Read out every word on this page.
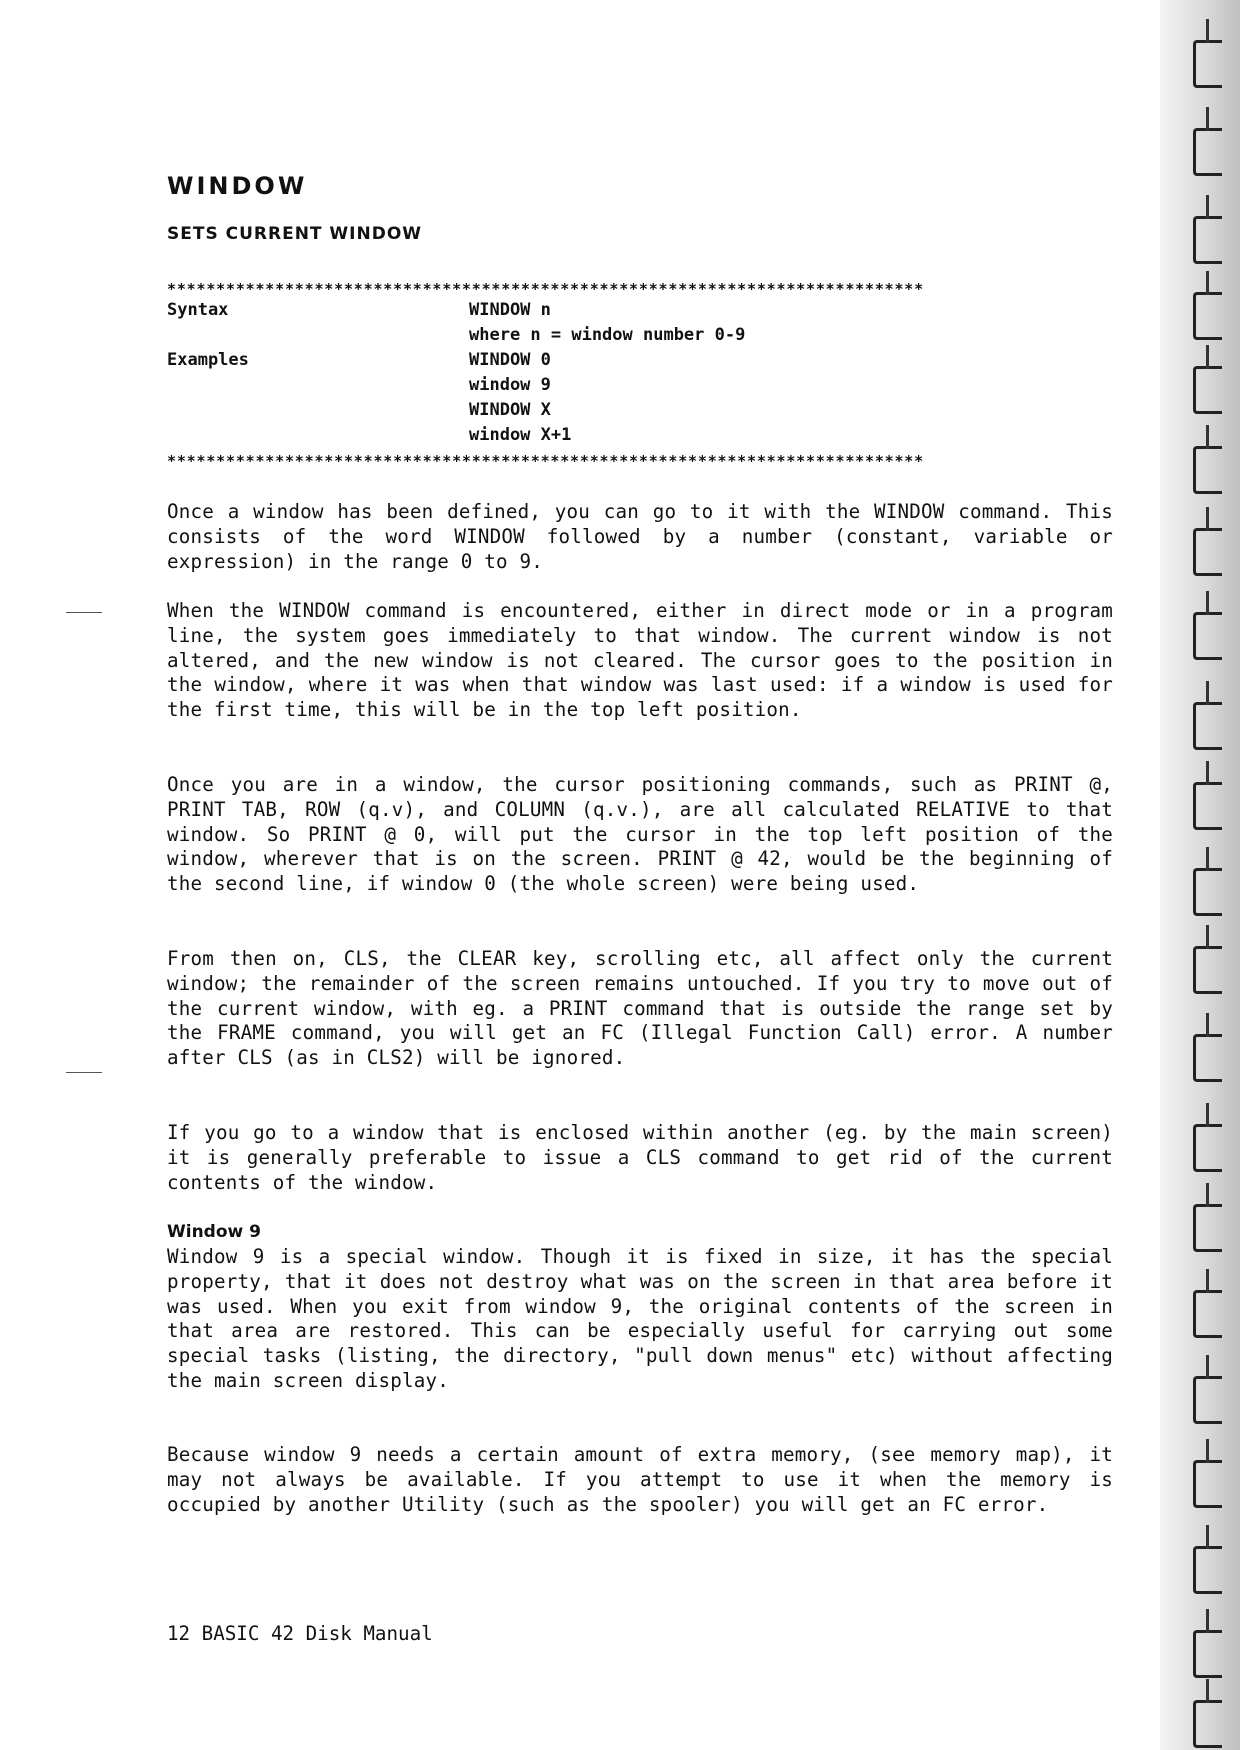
WINDOW
SETS CURRENT WINDOW
*****************************************************************************
Syntax	WINDOW n
where n = window number 0-9
Examples	WINDOW 0
window 9
WINDOW X
window X+1
*****************************************************************************
Once a window has been defined, you can go to it with the WINDOW command. This consists of the word WINDOW followed by a number (constant, variable or expression) in the range 0 to 9.
When the WINDOW command is encountered, either in direct mode or in a program line, the system goes immediately to that window. The current window is not altered, and the new window is not cleared. The cursor goes to the position in the window, where it was when that window was last used: if a window is used for the first time, this will be in the top left position.
Once you are in a window, the cursor positioning commands, such as PRINT @, PRINT TAB, ROW (q.v), and COLUMN (q.v.), are all calculated RELATIVE to that window. So PRINT @ 0, will put the cursor in the top left position of the window, wherever that is on the screen. PRINT @ 42, would be the beginning of the second line, if window 0 (the whole screen) were being used.
From then on, CLS, the CLEAR key, scrolling etc, all affect only the current window; the remainder of the screen remains untouched. If you try to move out of the current window, with eg. a PRINT command that is outside the range set by the FRAME command, you will get an FC (Illegal Function Call) error. A number after CLS (as in CLS2) will be ignored.
If you go to a window that is enclosed within another (eg. by the main screen) it is generally preferable to issue a CLS command to get rid of the current contents of the window.
Window 9
Window 9 is a special window. Though it is fixed in size, it has the special property, that it does not destroy what was on the screen in that area before it was used. When you exit from window 9, the original contents of the screen in that area are restored. This can be especially useful for carrying out some special tasks (listing, the directory, "pull down menus" etc) without affecting the main screen display.
Because window 9 needs a certain amount of extra memory, (see memory map), it may not always be available. If you attempt to use it when the memory is occupied by another Utility (such as the spooler) you will get an FC error.
12 BASIC 42 Disk Manual
